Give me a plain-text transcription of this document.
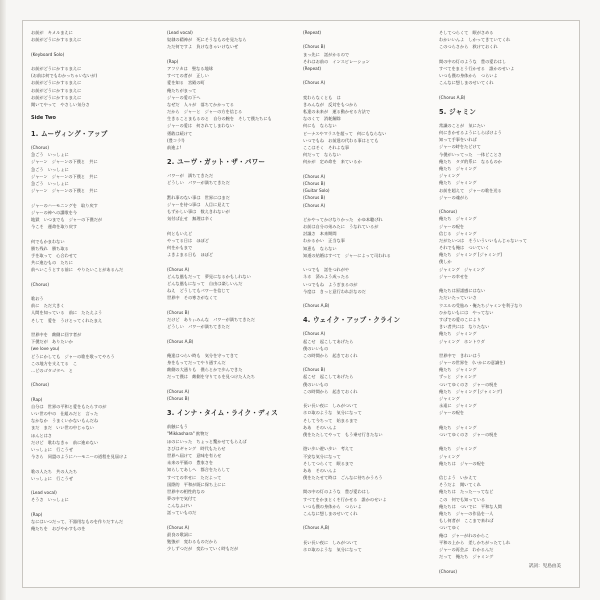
お前が　キメルまえに
お前がどうにかするまえに
(Keyboard Solo)
お前がどうにかするまえに
(お前は何でもわかっちゃいないが)
お前がどうにかするまえに
お前がどうにかするまえに
お前がどうにかするまえに
聞いてやって　やさしい気分さ
Side Two
1. ムーヴィング・アップ
(Chorus)
急ごう　いっしょに
ジャーン　ジャーンの下僕と　共に
急ごう　いっしょに
ジャーン　ジャーンの下僕と　共に
急ごう　いっしょに
ジャーン　ジャーンの下僕と　共に
ジャーのハーモニングを　取り戻す
ジャーの神への讃歌を今
地獄　いつまでも　ジャーの下僕だが
今こそ　運命を取り戻す
何でもかまわない
勝ち残れ　勝ち取る
手を取って　心合わせて
共に進むもの　たちに
前へいこうとする前に　やりたいことがあるんだ
(Chorus)
歌おう
前に　ただ大きく
人間を知っている　前に　たたえよう
そして　愛を　うけとってくれたまえ
世界中を　敵側に回す者が
下僕だが　ありたいか
(we love you)
どうにかしても　ジャーの歌を歌ってやろう
この地方を支えてる　こ
…どのゴタゴタへ　と
(Chorus)
(Rap)
自分は　世界の平和と愛をもたらすのが
いい世の中の　仕組みだと　言った
なかなか　うまくいかないもんだね
まだ　まだ　いい世の中じゃない
ほんとはさ
だけど　歌わなきゃ　前に進めない
いっしょに　行こうぜ
今さら　同盟のようにハーモニーの道程を見届けよ
歌の人たち　共の人たち
いっしょに　行こうぜ
(Lead vocal)
そうさ　いっしょに
(Rap)
なにはいつだって、不器用なものを作りだすんだ
俺たちを　おびやかすものを
(Lead vocal)
奴隷の精神が　死にそうなものを見たなら
ただ何ですよ　負けなきゃいけないぜ
(Rap)
アフリカは　聖なる地球
すべての者が　正しい
愛を知る　宮殿の町
俺たちがまって
ジャーの愛の下へ
なぜだ　人々が　落ちてかかってる
だから　ジャーと　ジャーの方を信じる
生きることまもるのと　自分の腕を　そして僕たちにも
ジャーの愛は　何されてしまわない
勇敢は続けて
(豊コラ!)
前進よ!
2. ユーヴ・ガット・ザ・パワー
パワーが　満ちてきただ
どうしい　パワーが満ちてきただ
黙れ事のない事は　世界にはまだ
ジャーを待つ事は　人目に見えて
もずかしい事は　数えきれないが
気付ば止せ　無理は辛く
何ともいえど
やってる日は　ほぼど
何をかもまで
よきよまる日も　ほぼど
(Chorus A)
どんな風もだって　夢見になるかもしれない
どんな風もになって　自由は楽しいんだ
ねえ　どうしてもパワーを信じて
世界中　その寒さがなくて
(Chorus B)
だけど　ありぃみんな　パワーが満ちてきただ
どうしい　パワーが満ちてきただ
(Chorus A,B)
俺達はつらい時も　気分を守ってきて
身をもってだってやり通すんだ
敵側の大通りも　僕らとかで歩んできた
だって僕は　敵側を守りてるを見つけた人たち
(Chorus A)
(Chorus B)
3. インナ・タイム・ライク・ディス
前触にもう
"Mikkashara" 飲物だ
ほのにいった　ちょっと驚かせてもらえば
さびはギャング　時代もたらせ
世界へ届けて　意味を有らせ
未来の平価の　豊家さを
知らしてあしへ　都合をたらして
すべての幸せに　ただよって
国際的　平和が既に保ち上にに
世界中の相性的なの
夢の中で気付て
こんなふけい
話っていものだ
(Chorus A)
最良の歌詞に
勉強が　変わるものだから
少しずつだが　変わっていく時もだが
(Repeat)
(Chorus B)
まっ先に　話がかるので
それはお前の　インスピレーション
(Repeat)
(Chorus A)
変わらなくとも　は
きみんなが　反対をもつから
私達の未来が　運る動かせる方法で
なのくて　消耗解除
何にも　ならない
ピーナスやマラスを超って　何にもならない
いつでもね　お前達の代わる事はとても
ここはそく　それよな事
何だって　ならない
何かが　定め命を　来ているか
(Chorus A)
(Chorus B)
(Guitar Solo)
(Chorus B)
(Chorus A)
どかやってかけなりかった　かゆ本聴げれ
お前は自分の弟みたに　うなれているが
討議さ　本来期間
わかるかい　正当な事
知恵も　ならない
知道の結婚はすべて　ジャーによって司われる
いつでも　話をつれがや
ネホ　済みよう成ったる
いつでもね　ようぎまるのが
今度は　きっと意行われ計なのだ
(Chorus A,B)
4. ウェイク・アップ・クライン
(Chorus A)
起こせ　起こしてあげたら
僕のいいもの
この時間から　起きておくれ
(Chorus B)
起こせ　起こしてあげたら
僕のいいもの
この時間から　起きておくれ
長い長い夜に　しみがついて
ホロ取のような　気分になって
そして今ちって　始まるまで
ああ　そのいんよ
僕をたたしてやって　もう乗せ行きたない
遊い歩い遊い歩い　考えて
不安な気分になって
そしてつらくて　眠るまで
ああ　そのいんよ
僕をたたせて時は　ごんなに待ちかうろう
間の中の灯のような　豊び愛わはし
すべてをかまとくそ行かせる　誰かのせいよ
いつも僕の身体から　つらいよ
こんなに想しまのせいてくれ
(Chorus A,B)
長い長い夜に　しみがついて
ホロ取のような　気分になって
そしてつらくて　眠がさめる
わかいいんよ　しかってきていてくれ
このつらさから　救けておくれ
間の中の灯のような　豊の愛わはし
すべてをまとう行かせる　誰かのせいよ
いつも僕の身体から　つらいよ
こんなに想しまのせいてくれ
(Chorus A,B)
5. ジャミン
常識のことが　気にたい
何にきかせるようにしらばけよう
知って手事をいれば
ジャーの時をたどけて
今僕がいってった　一体どことさ
俺たち　タダ的系に　なるものか
俺たち　ジャミング
ジャミング
俺たち　ジャミング
お前を超えて　ジャーの歌を送る
ジャーの魂がら
(Chorus)
俺たち　ジャミング
ジャーの呪を
信じる　ジャミング
だがたいつは　そういういいもんじゃないって
それでも俺は　ついていく
俺たち　ジャミング [ジャミング]
僕しか
ジャミング　ジャミング
ジャーの幸せを
俺たちは原諾感にはない
ただいたっていいさ
ウエルの受胎み・俺たちジャミンを利子なり
ひかないもには　やってない
すばでの愛のこにより
きい者共には　なりたない
俺たち　ジャミング
ジャミング　ホントウダ
世界中で　きれいはう
ジャーの世界を　(いかにの意識を)
俺たち　ジャミング
ずっと　ジャミング
ついてゆくのさ　ジャーの呪を
俺たち　ジャミング [ジャミング]
ジャミング
永遠に　ジャミング
ジャーの呪を
俺たち　ジャミング
ついてゆくのさ　ジャーの呪を
俺たち　ジャミング
ジャミング
俺たちは　ジャーの呪を
信じよう　いかえて
そうだよ　聞いてくれ
俺たちは　たったーってなど
この　何でも知っている
俺たちは　ついでに　平和な人間
俺たち　ジャーの作品を一人
もし何者が　ここまで来れば
ついてゆく
俺は　ジャーがれのからこ
平和の上から　差しかちがったてしれ
ジャーの再会ぶ　わかるんだ
だって　俺たち　ジャミング
(Chorus)
訳詞：児島由美
